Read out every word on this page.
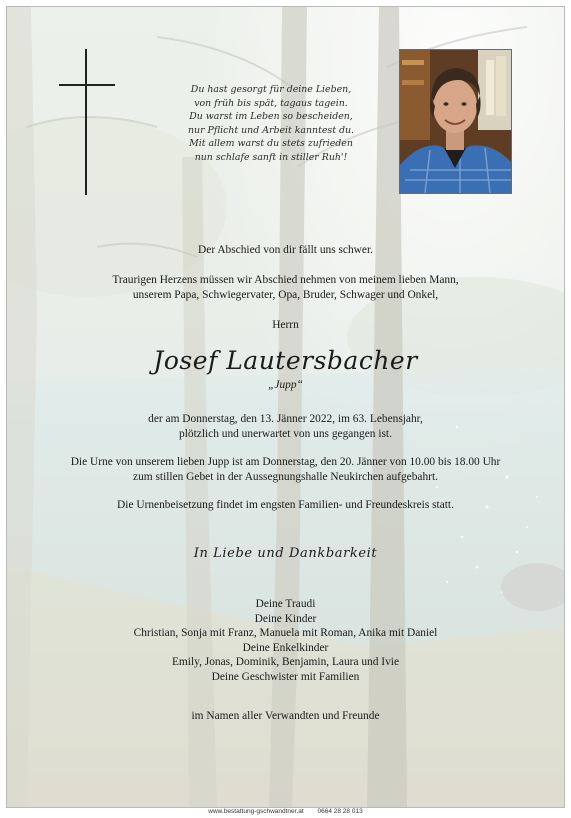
Du hast gesorgt für deine Lieben,
von früh bis spät, tagaus tagein.
Du warst im Leben so bescheiden,
nur Pflicht und Arbeit kanntest du.
Mit allem warst du stets zufrieden
nun schlafe sanft in stiller Ruh'!
Der Abschied von dir fällt uns schwer.
Traurigen Herzens müssen wir Abschied nehmen von meinem lieben Mann,
unserem Papa, Schwiegervater, Opa, Bruder, Schwager und Onkel,
Herrn
Josef Lautersbacher
„Jupp“
der am Donnerstag, den 13. Jänner 2022, im 63. Lebensjahr,
plötzlich und unerwartet von uns gegangen ist.
Die Urne von unserem lieben Jupp ist am Donnerstag, den 20. Jänner von 10.00 bis 18.00 Uhr
zum stillen Gebet in der Aussegnungshalle Neukirchen aufgebahrt.
Die Urnenbeisetzung findet im engsten Familien- und Freundeskreis statt.
In Liebe und Dankbarkeit
Deine Traudi
Deine Kinder
Christian, Sonja mit Franz, Manuela mit Roman, Anika mit Daniel
Deine Enkelkinder
Emily, Jonas, Dominik, Benjamin, Laura und Ivie
Deine Geschwister mit Familien
im Namen aller Verwandten und Freunde
www.bestattung-gschwandtner.at 0664 28 28 013
